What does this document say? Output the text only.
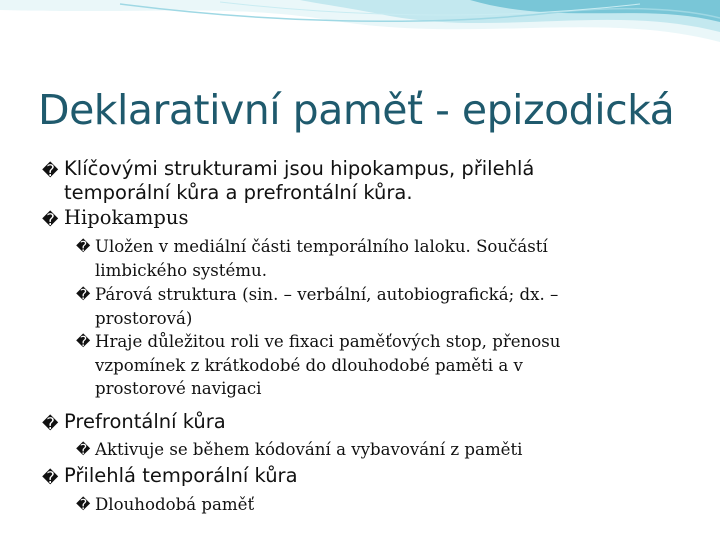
Deklarativní paměť - epizodická
� Klíčovými strukturami jsou hipokampus, přilehlá
temporální kůra a prefrontální kůra.
� Hipokampus
� Uložen v mediální části temporálního laloku. Součástí
limbického systému.
� Párová struktura (sin. – verbální, autobiografická; dx. –
prostorová)
� Hraje důležitou roli ve fixaci paměťových stop, přenosu
vzpomínek z krátkodobé do dlouhodobé paměti a v
prostorové navigaci
� Prefrontální kůra
� Aktivuje se během kódování a vybavování z paměti
� Přilehlá temporální kůra
� Dlouhodobá paměť
